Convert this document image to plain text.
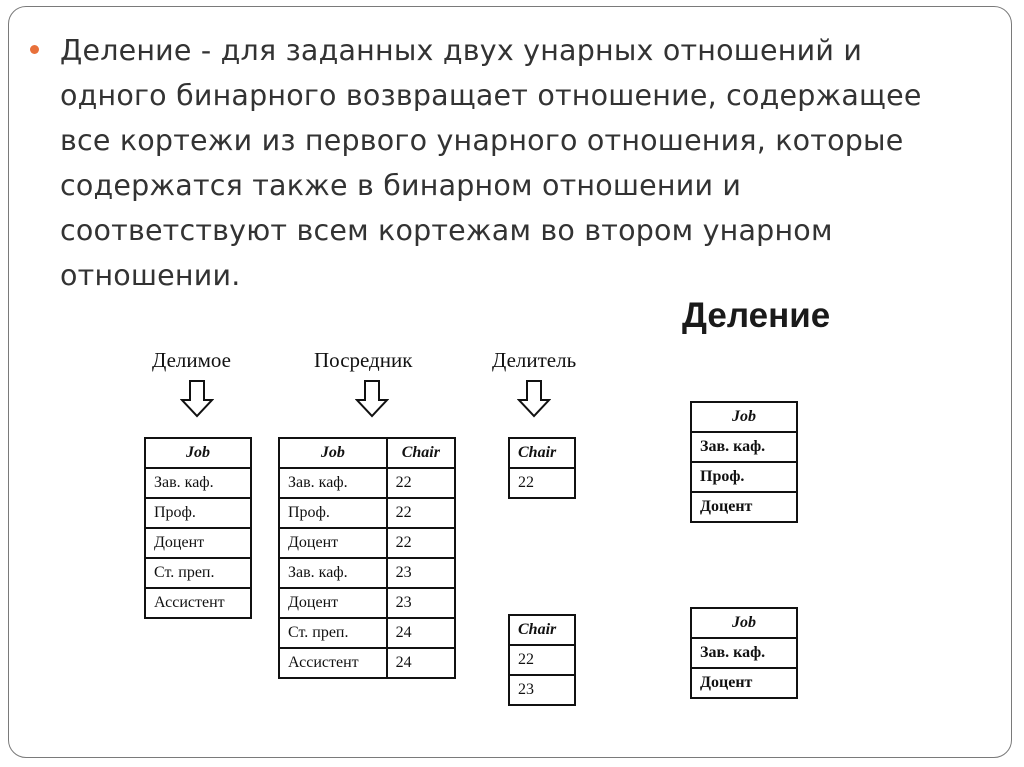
Деление - для заданных двух унарных отношений и
одного бинарного возвращает отношение, содержащее
все кортежи из первого унарного отношения, которые
содержатся также в бинарном отношении и
соответствуют всем кортежам во втором унарном
отношении.

Деление
Делимое	Посредник	Делитель
Job
Зав. каф.
Проф.
Доцент
Ст. преп.
Ассистент
Job	Chair
Зав. каф.	22
Проф.	22
Доцент	22
Зав. каф.	23
Доцент	23
Ст. преп.	24
Ассистент	24
Chair
22
Chair
22
23
Job
Зав. каф.
Проф.
Доцент
Job
Зав. каф.
Доцент
